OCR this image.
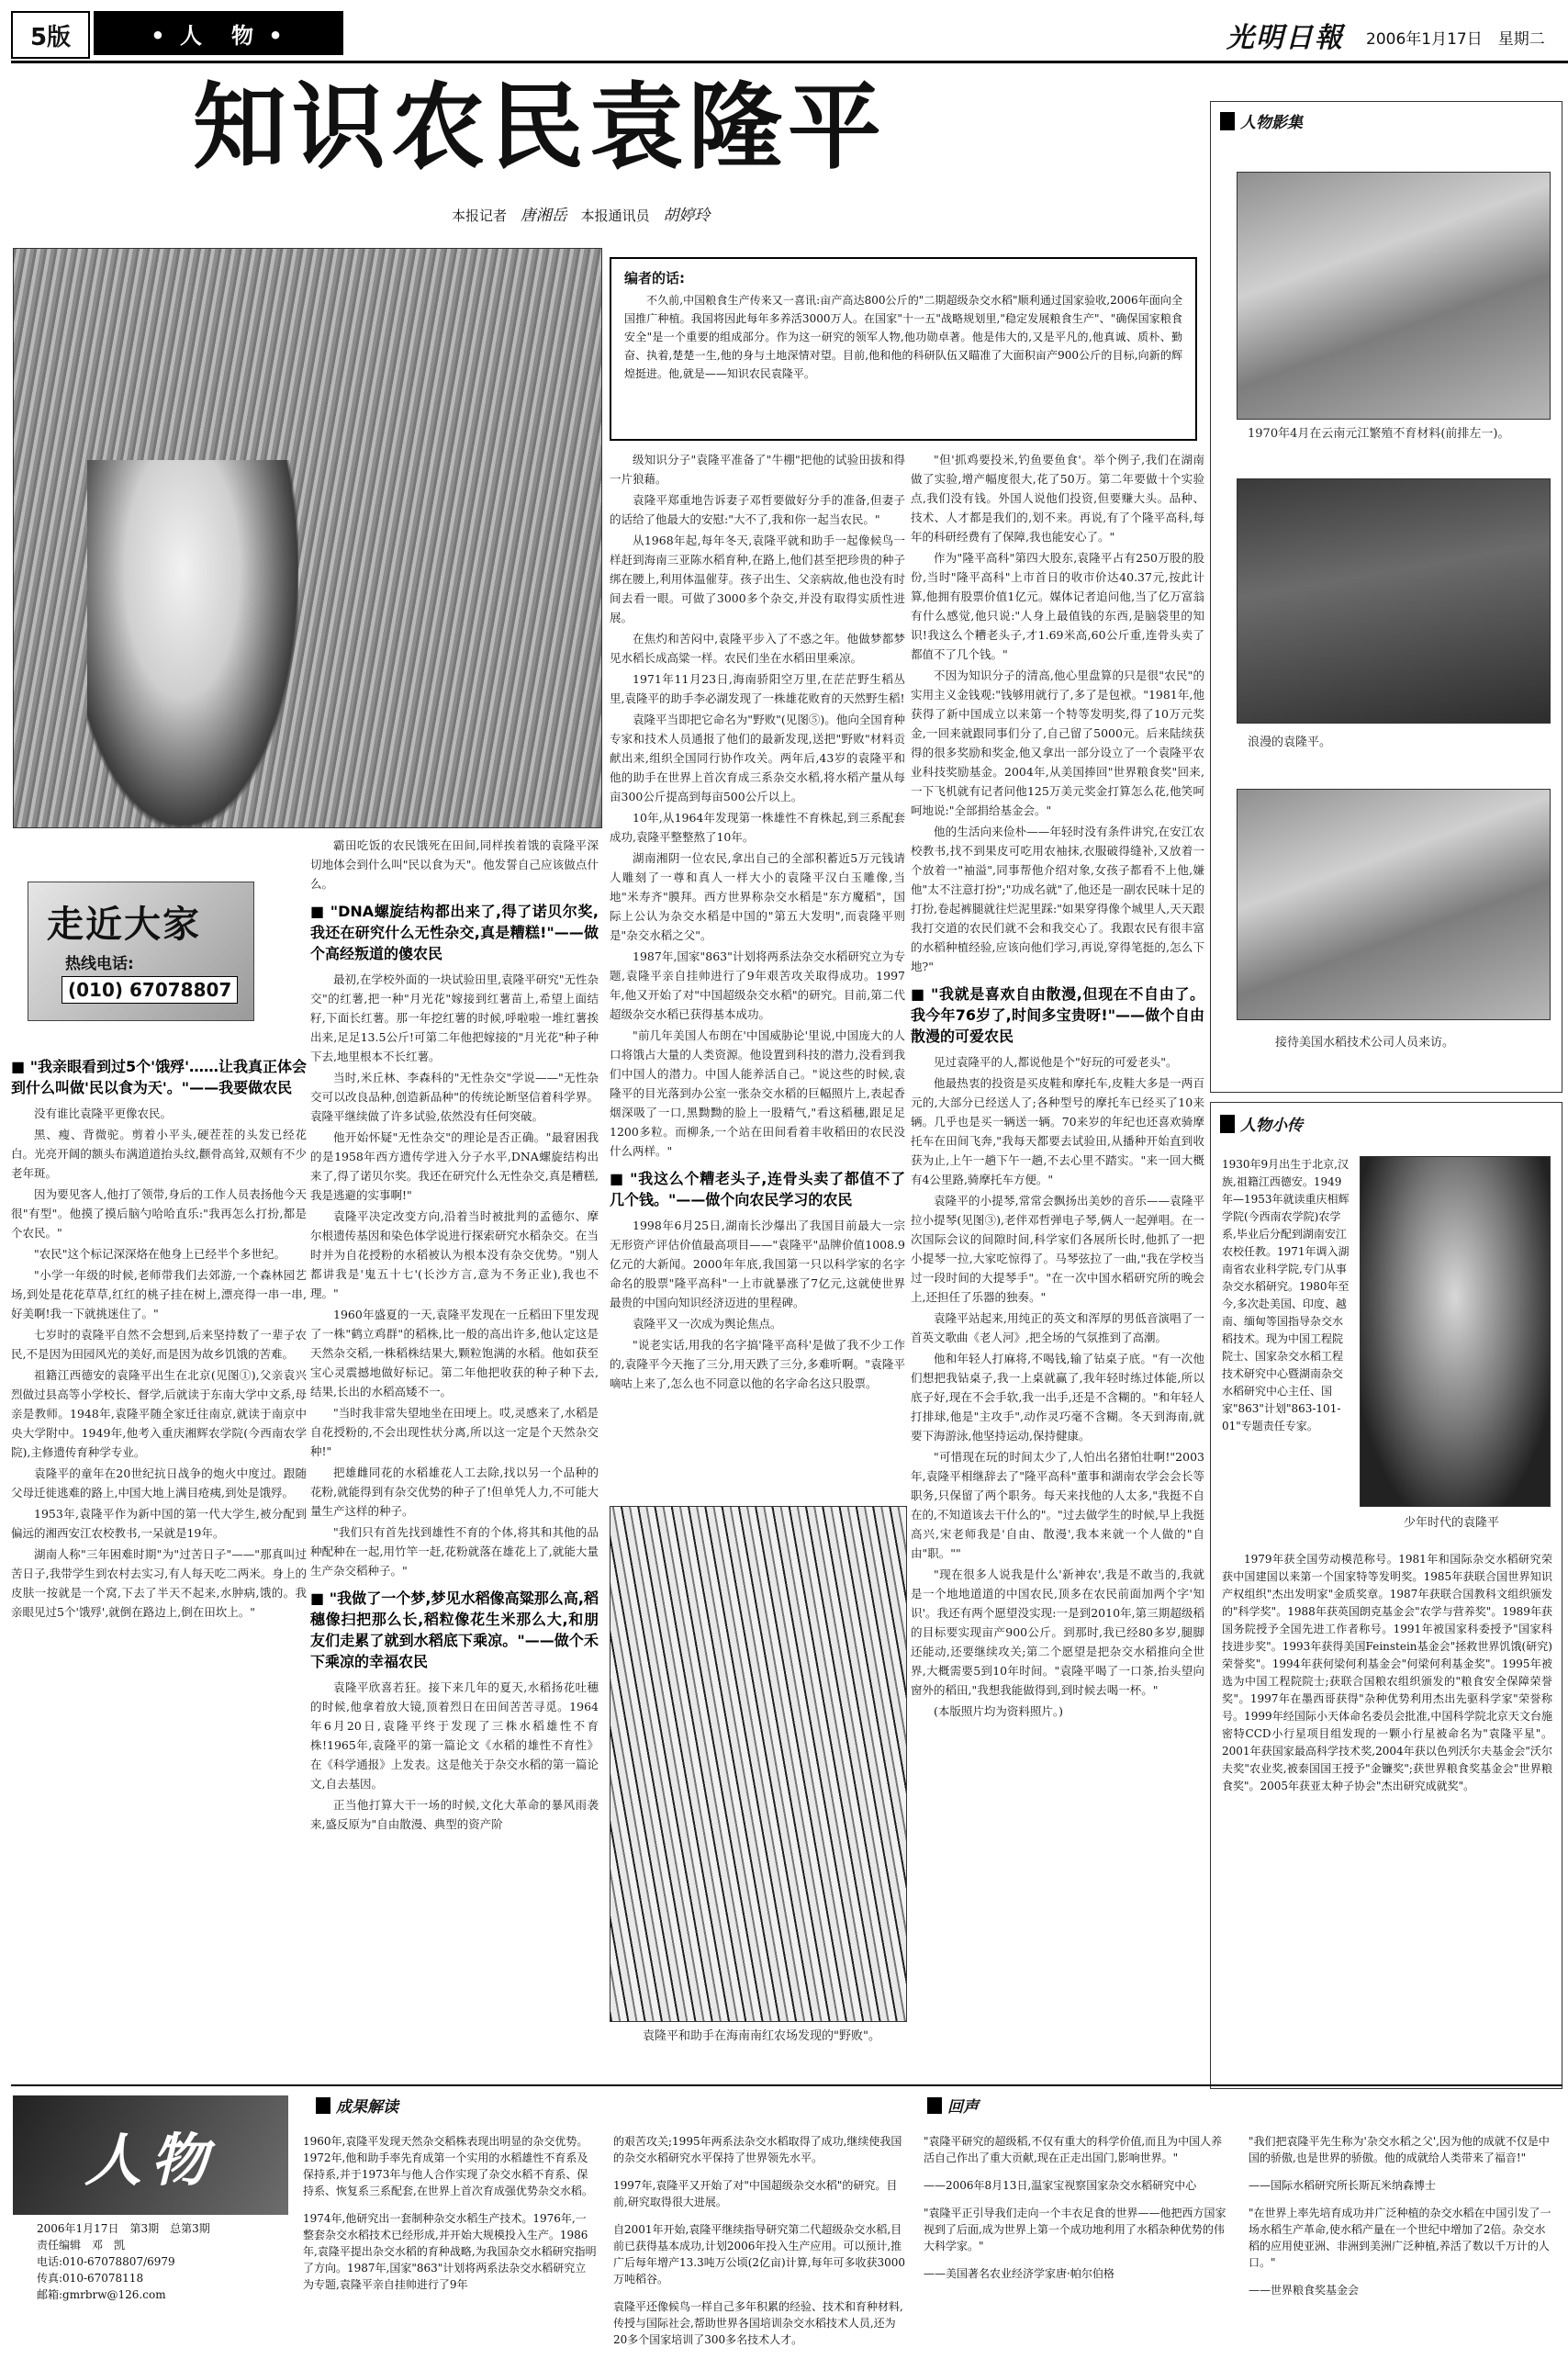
5版	• 人　物 •	光明日報 2006年1月17日　星期二
知识农民袁隆平
本报记者 唐湘岳 本报通讯员 胡婷玲
编者的话:
不久前,中国粮食生产传来又一喜讯:亩产高达800公斤的"二期超级杂交水稻"顺利通过国家验收,2006年面向全国推广种植。我国将因此每年多养活3000万人。在国家"十一五"战略规划里,"稳定发展粮食生产"、"确保国家粮食安全"是一个重要的组成部分。作为这一研究的领军人物,他功勋卓著。他是伟大的,又是平凡的,他真诚、质朴、勤奋、执着,楚楚一生,他的身与土地深情对望。目前,他和他的科研队伍又瞄准了大面积亩产900公斤的目标,向新的辉煌挺进。他,就是——知识农民袁隆平。
走近大家
热线电话:
(010) 67078807
■ "我亲眼看到过5个'饿殍'……让我真正体会到什么叫做'民以食为天'。"——我要做农民

没有谁比袁隆平更像农民。

黑、瘦、背微驼。剪着小平头,硬茬茬的头发已经花白。光亮开阔的额头布满道道抬头纹,颧骨高耸,双颊有不少老年斑。

因为要见客人,他打了领带,身后的工作人员表扬他今天很"有型"。他摸了摸后脑勺哈哈直乐:"我再怎么打扮,都是个农民。"

"农民"这个标记深深烙在他身上已经半个多世纪。

"小学一年级的时候,老师带我们去郊游,一个森林园艺场,到处是花花草草,红红的桃子挂在树上,漂亮得一串一串,好美啊!我一下就挑迷住了。"

七岁时的袁隆平自然不会想到,后来坚持数了一辈子农民,不是因为田园风光的美好,而是因为故乡饥饿的苦难。

祖籍江西德安的袁隆平出生在北京(见图①),父亲袁兴烈做过县高等小学校长、督学,后就读于东南大学中文系,母亲是教师。1948年,袁隆平随全家迁往南京,就读于南京中央大学附中。1949年,他考入重庆湘辉农学院(今西南农学院),主修遗传育种学专业。

袁隆平的童年在20世纪抗日战争的炮火中度过。跟随父母迁徙逃难的路上,中国大地上满目疮痍,到处是饿殍。

1953年,袁隆平作为新中国的第一代大学生,被分配到偏远的湘西安江农校教书,一呆就是19年。

湖南人称"三年困难时期"为"过苦日子"——"那真叫过苦日子,我带学生到农村去实习,有人每天吃二两米。身上的皮肤一按就是一个窝,下去了半天不起来,水肿病,饿的。我亲眼见过5个'饿殍',就倒在路边上,倒在田坎上。"

霸田吃饭的农民饿死在田间,同样挨着饿的袁隆平深切地体会到什么叫"民以食为天"。他发誓自己应该做点什么。

■ "DNA螺旋结构都出来了,得了诺贝尔奖,我还在研究什么无性杂交,真是糟糕!"——做个高经叛道的傻农民

最初,在学校外面的一块试验田里,袁隆平研究"无性杂交"的红薯,把一种"月光花"嫁接到红薯苗上,希望上面结籽,下面长红薯。那一年挖红薯的时候,呼啦啦一堆红薯挨出来,足足13.5公斤!可第二年他把嫁接的"月光花"种子种下去,地里根本不长红薯。

当时,米丘林、李森科的"无性杂交"学说——"无性杂交可以改良品种,创造新品种"的传统论断坚信着科学界。袁隆平继续做了许多试验,依然没有任何突破。

他开始怀疑"无性杂交"的理论是否正确。"最窘困我的是1958年西方遗传学进入分子水平,DNA螺旋结构出来了,得了诺贝尔奖。我还在研究什么无性杂交,真是糟糕,我是逃避的实事啊!"

袁隆平决定改变方向,沿着当时被批判的孟德尔、摩尔根遗传基因和染色体学说进行探索研究水稻杂交。在当时并为自花授粉的水稻被认为根本没有杂交优势。"别人都讲我是'鬼五十七'(长沙方言,意为不务正业),我也不理。"

1960年盛夏的一天,袁隆平发现在一丘稻田下里发现了一株"鹤立鸡群"的稻株,比一般的高出许多,他认定这是天然杂交稻,一株稻株结果大,颗粒饱满的水稻。他如获至宝心灵震撼地做好标记。第二年他把收获的种子种下去,结果,长出的水稻高矮不一。

"当时我非常失望地坐在田埂上。哎,灵感来了,水稻是自花授粉的,不会出现性状分离,所以这一定是个天然杂交种!"

把雄雌同花的水稻雄花人工去除,找以另一个品种的花粉,就能得到有杂交优势的种子了!但单凭人力,不可能大量生产这样的种子。

"我们只有首先找到雄性不育的个体,将其和其他的品种配种在一起,用竹竿一赶,花粉就落在雄花上了,就能大量生产杂交稻种子。"

■ "我做了一个梦,梦见水稻像高粱那么高,稻穗像扫把那么长,稻粒像花生米那么大,和朋友们走累了就到水稻底下乘凉。"——做个禾下乘凉的幸福农民

袁隆平欣喜若狂。接下来几年的夏天,水稻扬花吐穗的时候,他拿着放大镜,顶着烈日在田间苦苦寻觅。1964年6月20日,袁隆平终于发现了三株水稻雄性不育株!1965年,袁隆平的第一篇论文《水稻的雄性不育性》在《科学通报》上发表。这是他关于杂交水稻的第一篇论文,自去基因。

正当他打算大干一场的时候,文化大革命的暴风雨袭来,盛反原为"自由散漫、典型的资产阶

级知识分子"袁隆平准备了"牛棚"把他的试验田拔和得一片狼藉。

袁隆平郑重地告诉妻子邓哲要做好分手的准备,但妻子的话给了他最大的安慰:"大不了,我和你一起当农民。"

从1968年起,每年冬天,袁隆平就和助手一起像候鸟一样赶到海南三亚陈水稻育种,在路上,他们甚至把珍贵的种子绑在腰上,利用体温催芽。孩子出生、父亲病故,他也没有时间去看一眼。可做了3000多个杂交,并没有取得实质性进展。

在焦灼和苦闷中,袁隆平步入了不惑之年。他做梦都梦见水稻长成高粱一样。农民们坐在水稻田里乘凉。

1971年11月23日,海南骄阳空万里,在茫茫野生稻丛里,袁隆平的助手李必湖发现了一株雄花败育的天然野生稻!

袁隆平当即把它命名为"野败"(见图⑤)。他向全国育种专家和技术人员通报了他们的最新发现,送把"野败"材料贡献出来,组织全国同行协作攻关。两年后,43岁的袁隆平和他的助手在世界上首次育成三系杂交水稻,将水稻产量从每亩300公斤提高到每亩500公斤以上。

10年,从1964年发现第一株雄性不育株起,到三系配套成功,袁隆平整整熬了10年。

湖南湘阴一位农民,拿出自己的全部积蓄近5万元钱请人雕刻了一尊和真人一样大小的袁隆平汉白玉雕像,当地"米寿齐"膜拜。西方世界称杂交水稻是"东方魔稻"，国际上公认为杂交水稻是中国的"第五大发明",而袁隆平则是"杂交水稻之父"。

1987年,国家"863"计划将两系法杂交水稻研究立为专题,袁隆平亲自挂帅进行了9年艰苦攻关取得成功。1997年,他又开始了对"中国超级杂交水稻"的研究。目前,第二代超级杂交水稻已获得基本成功。

"前几年美国人布朗在'中国威胁论'里说,中国庞大的人口将饿占大量的人类资源。他设置到科技的潜力,没看到我们中国人的潜力。中国人能养活自己。"说这些的时候,袁隆平的目光落到办公室一张杂交水稻的巨幅照片上,表起香烟深吸了一口,黑黝黝的脸上一股精气,"看这稻穗,跟足足1200多粒。而柳条,一个站在田间看着丰收稻田的农民没什么两样。"

■ "我这么个糟老头子,连骨头卖了都值不了几个钱。"——做个向农民学习的农民

1998年6月25日,湖南长沙爆出了我国目前最大一宗无形资产评估价值最高项目——"袁隆平"品牌价值1008.9亿元的大新闻。2000年年底,我国第一只以科学家的名字命名的股票"隆平高科"一上市就暴涨了7亿元,这就使世界最贵的中国向知识经济迈进的里程碑。

袁隆平又一次成为舆论焦点。

"说老实话,用我的名字搞'隆平高科'是做了我不少工作的,袁隆平今天拖了三分,用天跌了三分,多难听啊。"袁隆平嘀咕上来了,怎么也不同意以他的名字命名这只股票。

袁隆平和助手在海南南红农场发现的"野败"。

"但'抓鸡要投米,钓鱼要鱼食'。举个例子,我们在湖南做了实验,增产幅度很大,花了50万。第二年要做十个实验点,我们没有钱。外国人说他们投资,但要赚大头。品种、技术、人才都是我们的,划不来。再说,有了个隆平高科,每年的科研经费有了保障,我也能安心了。"

作为"隆平高科"第四大股东,袁隆平占有250万股的股份,当时"隆平高科"上市首日的收市价达40.37元,按此计算,他拥有股票价值1亿元。媒体记者追问他,当了亿万富翁有什么感觉,他只说:"人身上最值钱的东西,是脑袋里的知识!我这么个糟老头子,才1.69米高,60公斤重,连骨头卖了都值不了几个钱。"

不因为知识分子的清高,他心里盘算的只是很"农民"的实用主义金钱观:"钱够用就行了,多了是包袱。"1981年,他获得了新中国成立以来第一个特等发明奖,得了10万元奖金,一回来就跟同事们分了,自己留了5000元。后来陆续获得的很多奖励和奖金,他又拿出一部分设立了一个袁隆平农业科技奖励基金。2004年,从美国捧回"世界粮食奖"回来,一下飞机就有记者问他125万美元奖金打算怎么花,他笑呵呵地说:"全部捐给基金会。"

他的生活向来俭朴——年轻时没有条件讲究,在安江农校教书,找不到果皮可吃用农袖抹,衣服破得缝补,又放着一个放着一"袖溢",同事帮他介绍对象,女孩子都看不上他,嫌他"太不注意打扮";"功成名就"了,他还是一副农民味十足的打扮,卷起裤腿就往烂泥里踩:"如果穿得像个城里人,天天跟我打交道的农民们就不会和我交心了。我跟农民有很丰富的水稻种植经验,应该向他们学习,再说,穿得笔挺的,怎么下地?"

■ "我就是喜欢自由散漫,但现在不自由了。我今年76岁了,时间多宝贵呀!"——做个自由散漫的可爱农民

见过袁隆平的人,都说他是个"好玩的可爱老头"。

他最热衷的投资是买皮鞋和摩托车,皮鞋大多是一两百元的,大部分已经送人了;各种型号的摩托车已经买了10来辆。几乎也是买一辆送一辆。70来岁的年纪也还喜欢骑摩托车在田间飞奔,"我每天都要去试验田,从播种开始直到收获为止,上午一趟下午一趟,不去心里不踏实。"来一回大概有4公里路,骑摩托车方便。"

袁隆平的小提琴,常常会飘扬出美妙的音乐——袁隆平拉小提琴(见图③),老伴邓哲弹电子琴,俩人一起弹唱。在一次国际会议的间隙时间,科学家们各展所长时,他抓了一把小提琴一拉,大家吃惊得了。马琴弦拉了一曲,"我在学校当过一段时间的大提琴手"。"在一次中国水稻研究所的晚会上,还担任了乐器的独奏。"

袁隆平站起来,用纯正的英文和浑厚的男低音演唱了一首英文歌曲《老人河》,把全场的气氛推到了高潮。

他和年轻人打麻将,不喝钱,输了钻桌子底。"有一次他们想把我钻桌子,我一上桌就赢了,我年轻时练过体能,所以底子好,现在不会手软,我一出手,还是不含糊的。"和年轻人打排球,他是"主攻手",动作灵巧毫不含糊。冬天到海南,就要下海游泳,他坚持运动,保持健康。

"可惜现在玩的时间太少了,人怕出名猪怕壮啊!"2003年,袁隆平相继辞去了"隆平高科"董事和湖南农学会会长等职务,只保留了两个职务。每天来找他的人太多,"我挺不自在的,不知道该去干什么的"。"过去做学生的时候,早上我挺高兴,宋老师我是'自由、散漫',我本来就一个人做的"自由"职。""

"现在很多人说我是什么'新神农',我是不敢当的,我就是一个地地道道的中国农民,顶多在农民前面加两个字'知识'。我还有两个愿望没实现:一是到2010年,第三期超级稻的目标要实现亩产900公斤。到那时,我已经80多岁,腿脚还能动,还要继续攻关;第二个愿望是把杂交水稻推向全世界,大概需要5到10年时间。"袁隆平喝了一口茶,抬头望向窗外的稻田,"我想我能做得到,到时候去喝一杯。"

(本版照片均为资料照片。)

人物影集
1970年4月在云南元江繁殖不育材料(前排左一)。
浪漫的袁隆平。
接待美国水稻技术公司人员来访。
人物小传
1930年9月出生于北京,汉族,祖籍江西德安。1949年—1953年就读重庆相辉学院(今西南农学院)农学系,毕业后分配到湖南安江农校任教。1971年调入湖南省农业科学院,专门从事杂交水稻研究。1980年至今,多次赴美国、印度、越南、缅甸等国指导杂交水稻技术。现为中国工程院院士、国家杂交水稻工程技术研究中心暨湖南杂交水稻研究中心主任、国家"863"计划"863-101-01"专题责任专家。
少年时代的袁隆平
1979年获全国劳动模范称号。1981年和国际杂交水稻研究荣获中国建国以来第一个国家特等发明奖。1985年获联合国世界知识产权组织"杰出发明家"金质奖章。1987年获联合国教科文组织颁发的"科学奖"。1988年获英国朗克基金会"农学与营养奖"。1989年获国务院授予全国先进工作者称号。1991年被国家科委授予"国家科技进步奖"。1993年获得美国Feinstein基金会"拯救世界饥饿(研究)荣誉奖"。1994年获何梁何利基金会"何梁何利基金奖"。1995年被选为中国工程院院士;获联合国粮农组织颁发的"粮食安全保障荣誉奖"。1997年在墨西哥获得"杂种优势利用杰出先驱科学家"荣誉称号。1999年经国际小天体命名委员会批准,中国科学院北京天文台施密特CCD小行星项目组发现的一颗小行星被命名为"袁隆平星"。2001年获国家最高科学技术奖,2004年获以色列沃尔夫基金会"沃尔夫奖"农业奖,被泰国国王授予"金镰奖";获世界粮食奖基金会"世界粮食奖"。2005年获亚太种子协会"杰出研究成就奖"。
人物
2006年1月17日　第3期　总第3期
责任编辑　邓　凯
电话:010-67078807/6979
传真:010-67078118
邮箱:gmrbrw@126.com
成果解读

1960年,袁隆平发现天然杂交稻株表现出明显的杂交优势。1972年,他和助手率先育成第一个实用的水稻雄性不育系及保持系,并于1973年与他人合作实现了杂交水稻不育系、保持系、恢复系三系配套,在世界上首次育成强优势杂交水稻。

1974年,他研究出一套制种杂交水稻生产技术。1976年,一整套杂交水稻技术已经形成,并开始大规模投入生产。1986年,袁隆平提出杂交水稻的育种战略,为我国杂交水稻研究指明了方向。1987年,国家"863"计划将两系法杂交水稻研究立为专题,袁隆平亲自挂帅进行了9年

的艰苦攻关;1995年两系法杂交水稻取得了成功,继续使我国的杂交水稻研究水平保持了世界领先水平。

1997年,袁隆平又开始了对"中国超级杂交水稻"的研究。目前,研究取得很大进展。

自2001年开始,袁隆平继续指导研究第二代超级杂交水稻,目前已获得基本成功,计划2006年投入生产应用。可以预计,推广后每年增产13.3吨万公顷(2亿亩)计算,每年可多收获3000万吨稻谷。

袁隆平还像候鸟一样自己多年积累的经验、技术和育种材料,传授与国际社会,帮助世界各国培训杂交水稻技术人员,还为20多个国家培训了300多名技术人才。

回声

"袁隆平研究的超级稻,不仅有重大的科学价值,而且为中国人养活自己作出了重大贡献,现在正走出国门,影响世界。"

——2006年8月13日,温家宝视察国家杂交水稻研究中心

"袁隆平正引导我们走向一个丰衣足食的世界——他把西方国家视到了后面,成为世界上第一个成功地利用了水稻杂种优势的伟大科学家。"

——美国著名农业经济学家唐·帕尔伯格

"我们把袁隆平先生称为'杂交水稻之父',因为他的成就不仅是中国的骄傲,也是世界的骄傲。他的成就给人类带来了福音!"

——国际水稻研究所长斯瓦米纳森博士

"在世界上率先培育成功并广泛种植的杂交水稻在中国引发了一场水稻生产革命,使水稻产量在一个世纪中增加了2倍。杂交水稻的应用使亚洲、非洲到美洲广泛种植,养活了数以千万计的人口。"

——世界粮食奖基金会
